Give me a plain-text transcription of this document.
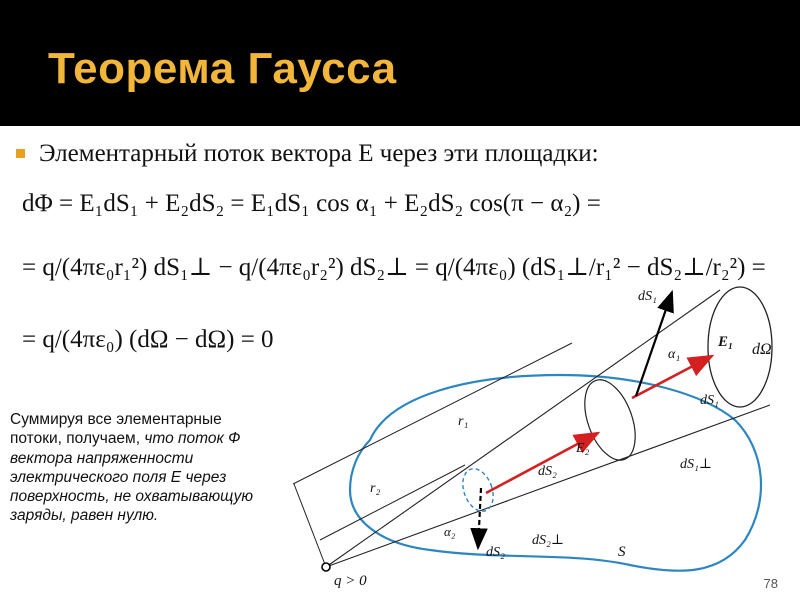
Теорема Гаусса
Элементарный поток вектора E через эти площадки:
dΦ = E₁dS₁ + E₂dS₂ = E₁dS₁ cos α₁ + E₂dS₂ cos(π − α₂) =
= q/(4πε₀r₁²) dS₁⊥ − q/(4πε₀r₂²) dS₂⊥ = q/(4πε₀) (dS₁⊥/r₁² − dS₂⊥/r₂²) =
= q/(4πε₀) (dΩ − dΩ) = 0
Суммируя все элементарные потоки, получаем, что поток Ф вектора напряженности электрического поля E через поверхность, не охватывающую заряды, равен нулю.
dS₁
α₁
E₁ dΩ
dS₁
r₁
E₂
dS₁⊥
dS₂
r₂
α₂
dS₂⊥
dS₂	S
q > 0	78
